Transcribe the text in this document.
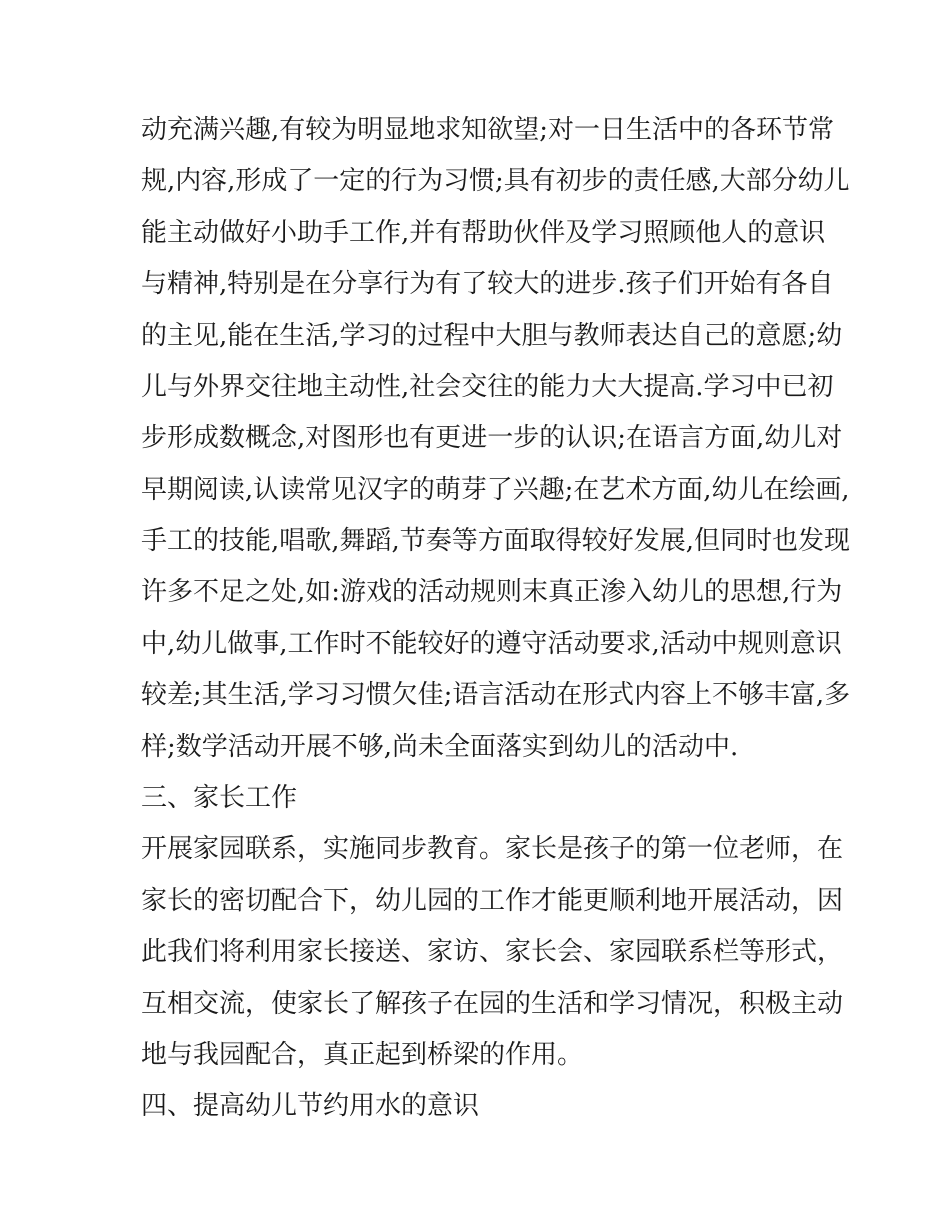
动充满兴趣,有较为明显地求知欲望;对一日生活中的各环节常
规,内容,形成了一定的行为习惯;具有初步的责任感,大部分幼儿
能主动做好小助手工作,并有帮助伙伴及学习照顾他人的意识
与精神,特别是在分享行为有了较大的进步.孩子们开始有各自
的主见,能在生活,学习的过程中大胆与教师表达自己的意愿;幼
儿与外界交往地主动性,社会交往的能力大大提高.学习中已初
步形成数概念,对图形也有更进一步的认识;在语言方面,幼儿对
早期阅读,认读常见汉字的萌芽了兴趣;在艺术方面,幼儿在绘画,
手工的技能,唱歌,舞蹈,节奏等方面取得较好发展,但同时也发现
许多不足之处,如:游戏的活动规则末真正渗入幼儿的思想,行为
中,幼儿做事,工作时不能较好的遵守活动要求,活动中规则意识
较差;其生活,学习习惯欠佳;语言活动在形式内容上不够丰富,多
样;数学活动开展不够,尚未全面落实到幼儿的活动中.
三、家长工作
开展家园联系，实施同步教育。家长是孩子的第一位老师，在
家长的密切配合下，幼儿园的工作才能更顺利地开展活动，因
此我们将利用家长接送、家访、家长会、家园联系栏等形式，
互相交流，使家长了解孩子在园的生活和学习情况，积极主动
地与我园配合，真正起到桥梁的作用。
四、提高幼儿节约用水的意识
